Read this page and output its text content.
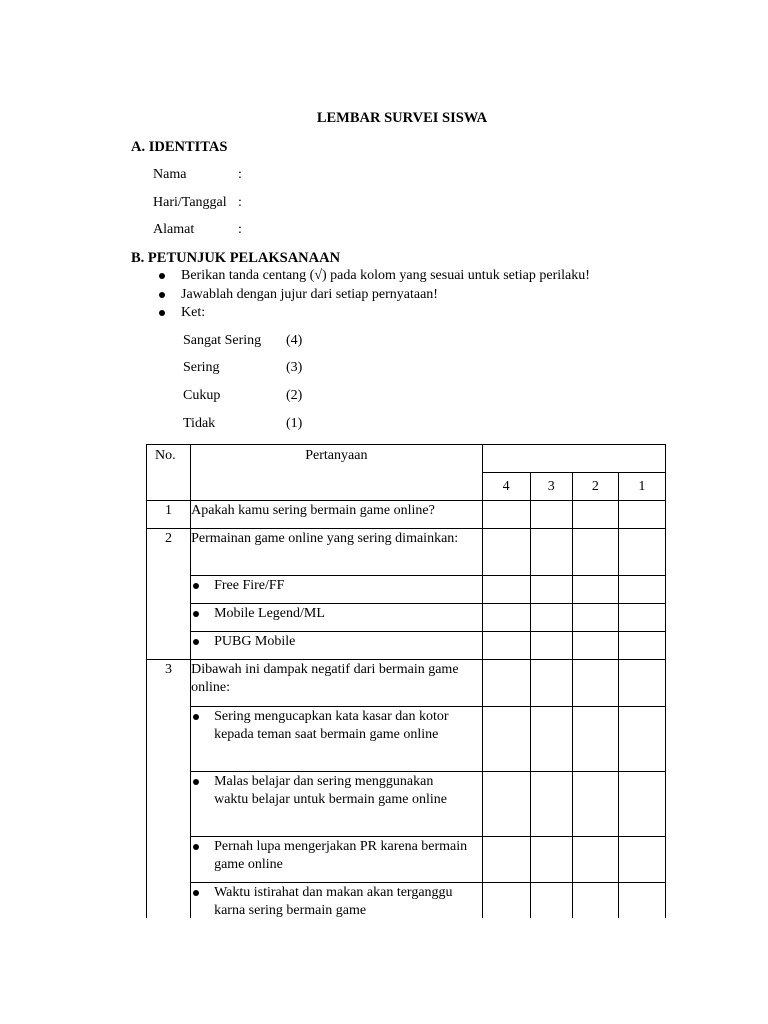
LEMBAR SURVEI SISWA
A. IDENTITAS
Nama	:
Hari/Tanggal :
Alamat	:
B. PETUNJUK PELAKSANAAN
Berikan tanda centang (√) pada kolom yang sesuai untuk setiap perilaku!
Jawablah dengan jujur dari setiap pernyataan!
Ket:
Sangat Sering (4)
Sering	(3)
Cukup	(2)
Tidak	(1)
No.	Pertanyaan				
		4	3	2	1
1	Apakah kamu sering bermain game online?				
2	Permainan game online yang sering dimainkan:				

	Free Fire/FF				

	Mobile Legend/ML				

	PUBG Mobile				

3	Dibawah ini dampak negatif dari bermain game online:				

	Sering mengucapkan kata kasar dan kotor kepada teman saat bermain game online				

	Malas belajar dan sering menggunakan waktu belajar untuk bermain game online				

	Pernah lupa mengerjakan PR karena bermain game online				

	Waktu istirahat dan makan akan terganggu karna sering bermain game				
